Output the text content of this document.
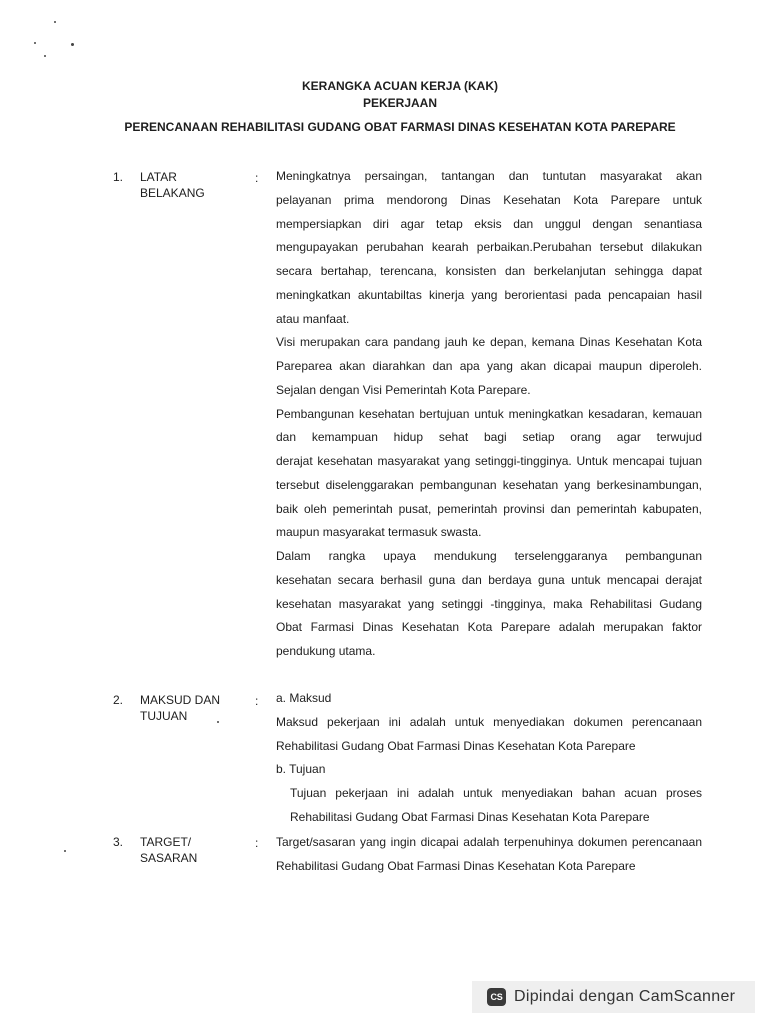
KERANGKA ACUAN KERJA (KAK)
PEKERJAAN
PERENCANAAN REHABILITASI GUDANG OBAT FARMASI DINAS KESEHATAN KOTA PAREPARE
1. LATAR
BELAKANG
: Meningkatnya persaingan, tantangan dan tuntutan masyarakat akan
pelayanan prima mendorong Dinas Kesehatan Kota Parepare untuk
mempersiapkan diri agar tetap eksis dan unggul dengan senantiasa
mengupayakan perubahan kearah perbaikan.Perubahan tersebut dilakukan
secara bertahap, terencana, konsisten dan berkelanjutan sehingga dapat
meningkatkan akuntabiltas kinerja yang berorientasi pada pencapaian hasil
atau manfaat.
Visi merupakan cara pandang jauh ke depan, kemana Dinas Kesehatan Kota
Pareparea akan diarahkan dan apa yang akan dicapai maupun diperoleh.
Sejalan dengan Visi Pemerintah Kota Parepare.
Pembangunan kesehatan bertujuan untuk meningkatkan kesadaran, kemauan
dan kemampuan hidup sehat bagi setiap orang agar terwujud
derajat kesehatan masyarakat yang setinggi-tingginya. Untuk mencapai tujuan
tersebut diselenggarakan pembangunan kesehatan yang berkesinambungan,
baik oleh pemerintah pusat, pemerintah provinsi dan pemerintah kabupaten,
maupun masyarakat termasuk swasta.
Dalam rangka upaya mendukung terselenggaranya pembangunan
kesehatan secara berhasil guna dan berdaya guna untuk mencapai derajat
kesehatan masyarakat yang setinggi -tingginya, maka Rehabilitasi Gudang
Obat Farmasi Dinas Kesehatan Kota Parepare adalah merupakan faktor
pendukung utama.
2. MAKSUD DAN
TUJUAN
: a. Maksud
Maksud pekerjaan ini adalah untuk menyediakan dokumen perencanaan
Rehabilitasi Gudang Obat Farmasi Dinas Kesehatan Kota Parepare
b. Tujuan
Tujuan pekerjaan ini adalah untuk menyediakan bahan acuan proses
Rehabilitasi Gudang Obat Farmasi Dinas Kesehatan Kota Parepare
3. TARGET/
SASARAN
: Target/sasaran yang ingin dicapai adalah terpenuhinya dokumen perencanaan
Rehabilitasi Gudang Obat Farmasi Dinas Kesehatan Kota Parepare
CS Dipindai dengan CamScanner
